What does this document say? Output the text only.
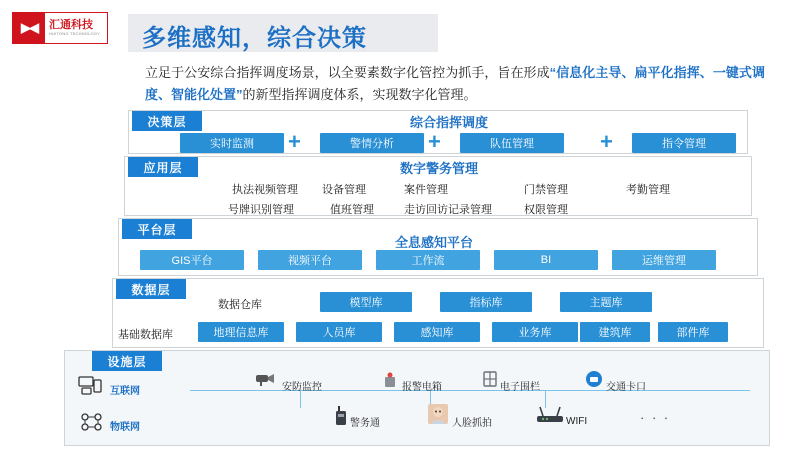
▶◀	汇通科技
HUITONG TECHNOLOGY 多维感知，综合决策
立足于公安综合指挥调度场景，以全要素数字化管控为抓手，旨在形成“信息化主导、扁平化指挥、一键式调度、智能化处置”的新型指挥调度体系，实现数字化管理。
决策层	综合指挥调度
实时监测	+	警情分析	+	队伍管理	+	指令管理
应用层	数字警务管理
执法视频管理 设备管理	案件管理	门禁管理	考勤管理
号牌识别管理	值班管理	走访回访记录管理	权限管理
平台层
全息感知平台
GIS平台	视频平台	工作流	BI	运维管理
数据层
数据仓库	模型库	指标库	主题库
基础数据库	地理信息库	人员库	感知库	业务库	建筑库	部件库
设施层
互联网
物联网
安防监控	报警电箱	电子围栏	交通卡口
警务通	人脸抓拍	WIFI	· · ·
